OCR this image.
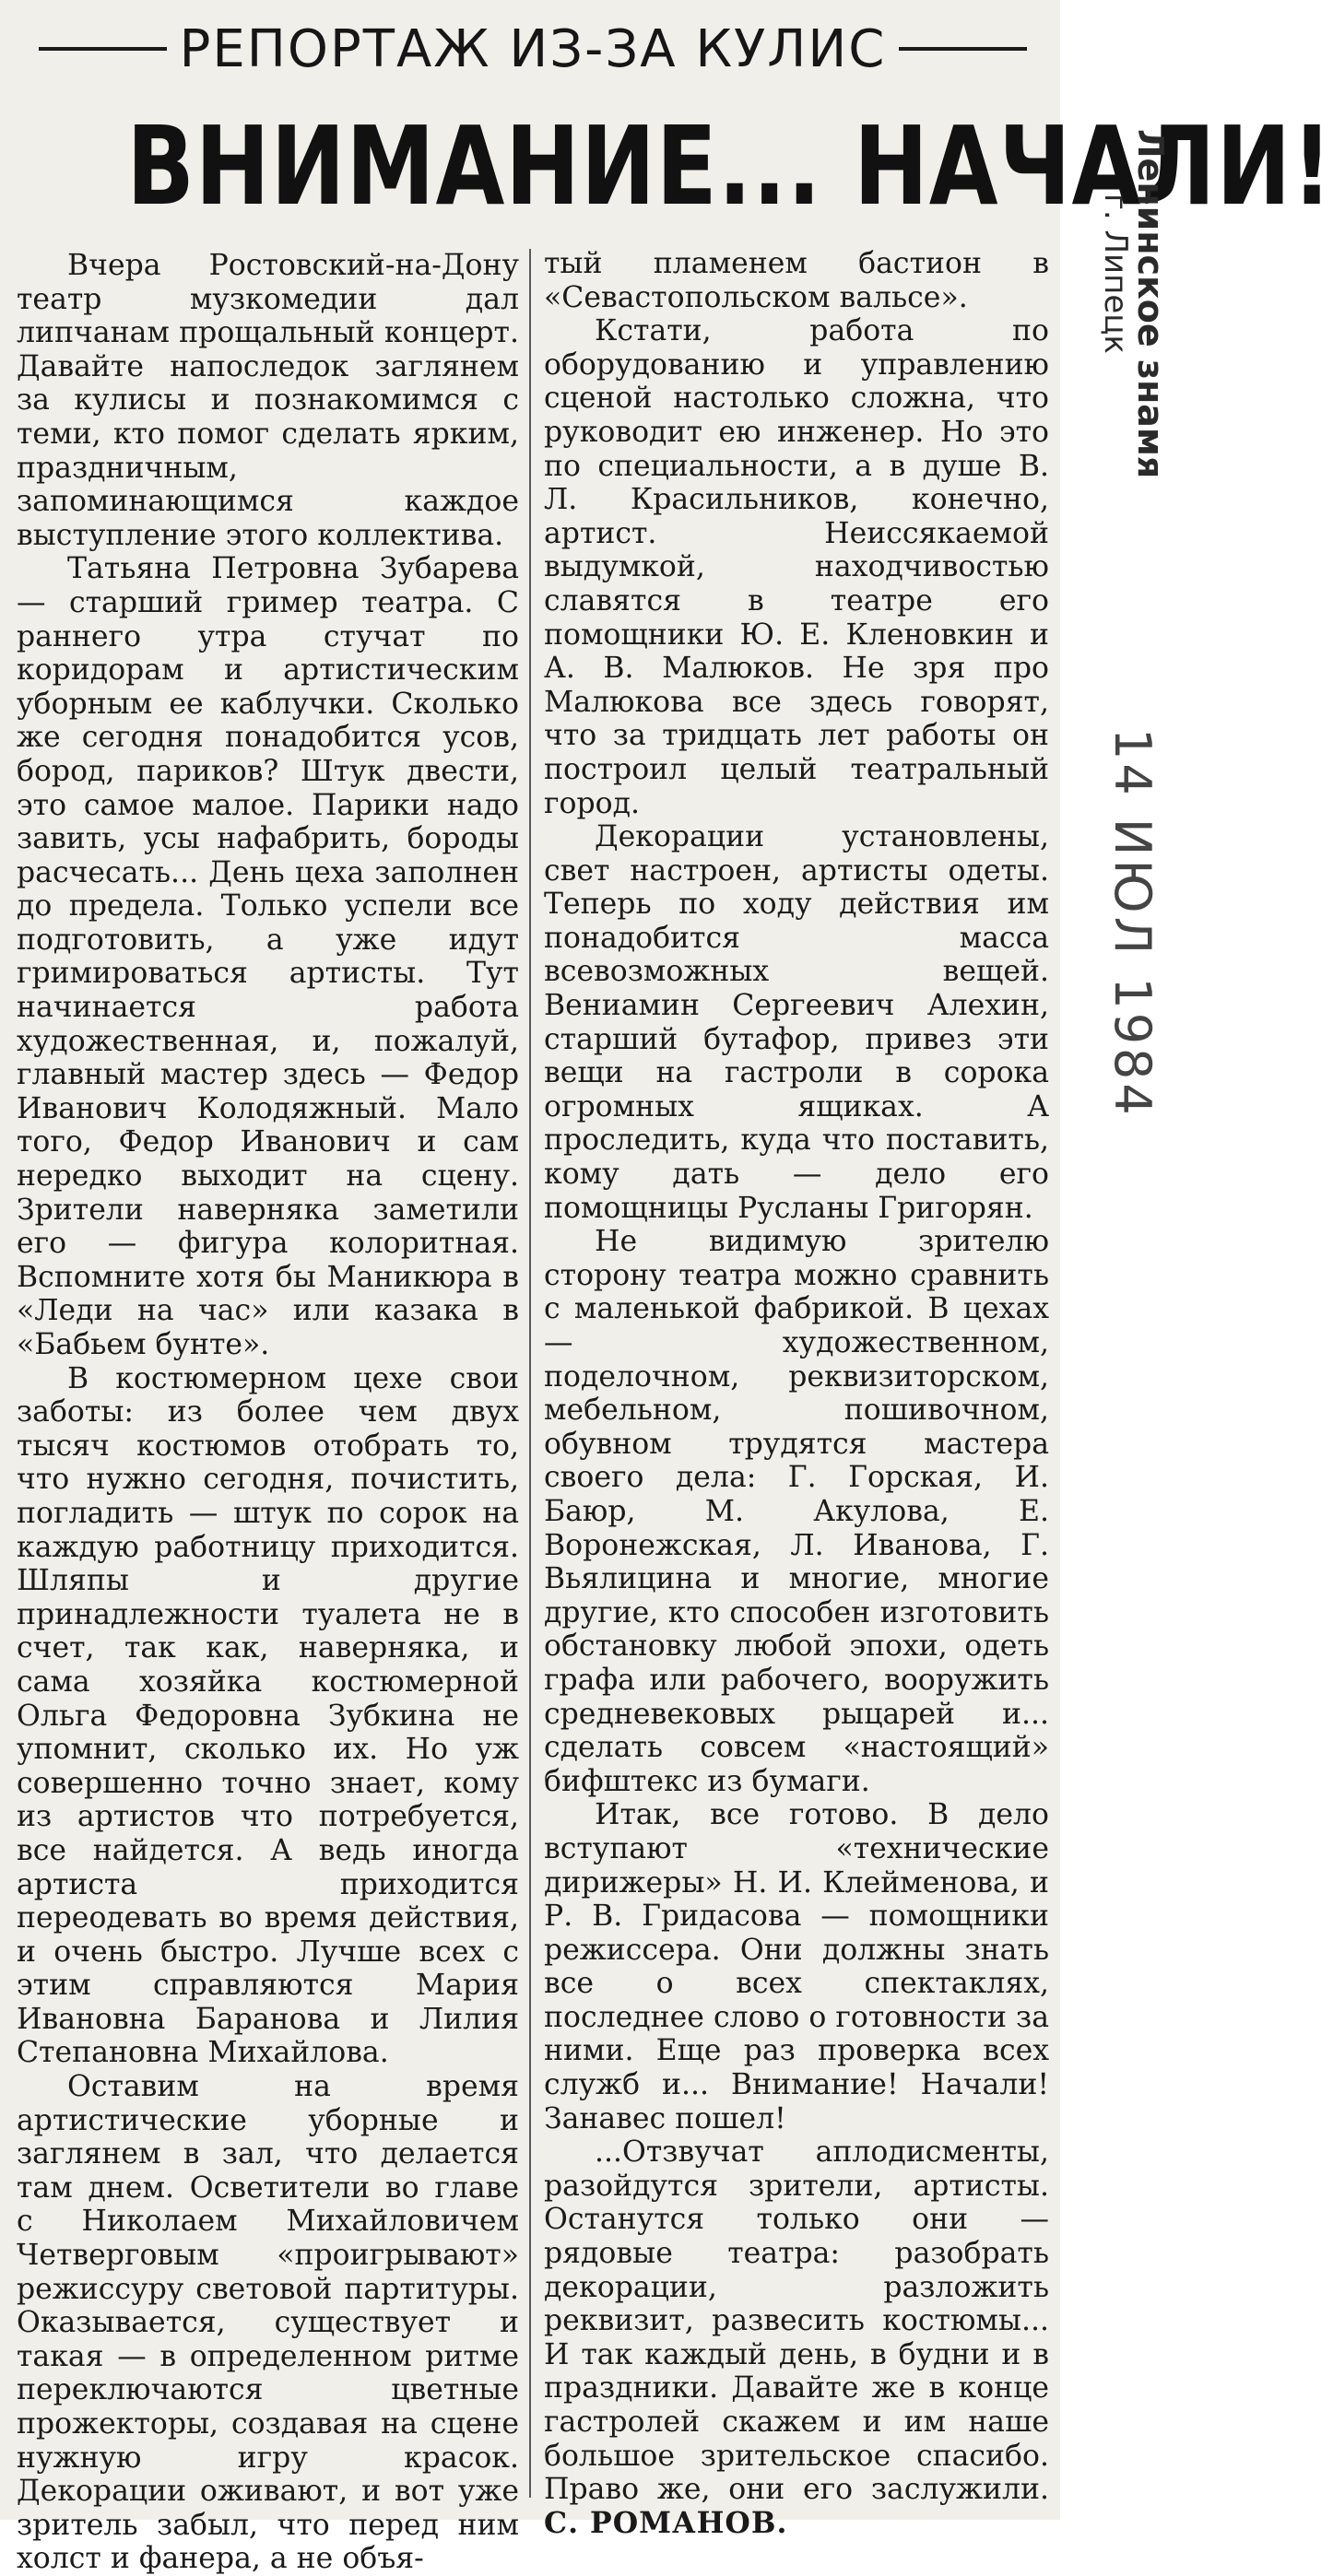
РЕПОРТАЖ ИЗ-ЗА КУЛИС
ВНИМАНИЕ... НАЧАЛИ!

Вчера Ростовский-на-Дону театр музкомедии дал липчанам прощальный концерт. Давайте напоследок заглянем за кулисы и познакомимся с теми, кто помог сделать ярким, праздничным, запоминающимся каждое выступление этого коллектива.

Татьяна Петровна Зубарева — старший гример театра. С раннего утра стучат по коридорам и артистическим уборным ее каблучки. Сколько же сегодня понадобится усов, бород, париков? Штук двести, это самое малое. Парики надо завить, усы нафабрить, бороды расчесать... День цеха заполнен до предела. Только успели все подготовить, а уже идут гримироваться артисты. Тут начинается работа художественная, и, пожалуй, главный мастер здесь — Федор Иванович Колодяжный. Мало того, Федор Иванович и сам нередко выходит на сцену. Зрители наверняка заметили его — фигура колоритная. Вспомните хотя бы Маникюра в «Леди на час» или казака в «Бабьем бунте».

В костюмерном цехе свои заботы: из более чем двух тысяч костюмов отобрать то, что нужно сегодня, почистить, погладить — штук по сорок на каждую работницу приходится. Шляпы и другие принадлежности туалета не в счет, так как, наверняка, и сама хозяйка костюмерной Ольга Федоровна Зубкина не упомнит, сколько их. Но уж совершенно точно знает, кому из артистов что потребуется, все найдется. А ведь иногда артиста приходится переодевать во время действия, и очень быстро. Лучше всех с этим справляются Мария Ивановна Баранова и Лилия Степановна Михайлова.

Оставим на время артистические уборные и заглянем в зал, что делается там днем. Осветители во главе с Николаем Михайловичем Четверговым «проигрывают» режиссуру световой партитуры. Оказывается, существует и такая — в определенном ритме переключаются цветные прожекторы, создавая на сцене нужную игру красок. Декорации оживают, и вот уже зритель забыл, что перед ним холст и фанера, а не объя-

тый пламенем бастион в «Севастопольском вальсе».

Кстати, работа по оборудованию и управлению сценой настолько сложна, что руководит ею инженер. Но это по специальности, а в душе В. Л. Красильников, конечно, артист. Неиссякаемой выдумкой, находчивостью славятся в театре его помощники Ю. Е. Кленовкин и А. В. Малюков. Не зря про Малюкова все здесь говорят, что за тридцать лет работы он построил целый театральный город.

Декорации установлены, свет настроен, артисты одеты. Теперь по ходу действия им понадобится масса всевозможных вещей. Вениамин Сергеевич Алехин, старший бутафор, привез эти вещи на гастроли в сорока огромных ящиках. А проследить, куда что поставить, кому дать — дело его помощницы Русланы Григорян.

Не видимую зрителю сторону театра можно сравнить с маленькой фабрикой. В цехах — художественном, поделочном, реквизиторском, мебельном, пошивочном, обувном трудятся мастера своего дела: Г. Горская, И. Баюр, М. Акулова, Е. Воронежская, Л. Иванова, Г. Вьялицина и многие, многие другие, кто способен изготовить обстановку любой эпохи, одеть графа или рабочего, вооружить средневековых рыцарей и... сделать совсем «настоящий» бифштекс из бумаги.

Итак, все готово. В дело вступают «технические дирижеры» Н. И. Клейменова, и Р. В. Гридасова — помощники режиссера. Они должны знать все о всех спектаклях, последнее слово о готовности за ними. Еще раз проверка всех служб и... Внимание! Начали! Занавес пошел!

...Отзвучат аплодисменты, разойдутся зрители, артисты. Останутся только они — рядовые театра: разобрать декорации, разложить реквизит, развесить костюмы... И так каждый день, в будни и в праздники. Давайте же в конце гастролей скажем и им наше большое зрительское спасибо. Право же, они его заслужили. С. РОМАНОВ.

Ленинское знамя
г. Липецк
14 ИЮЛ 1984
